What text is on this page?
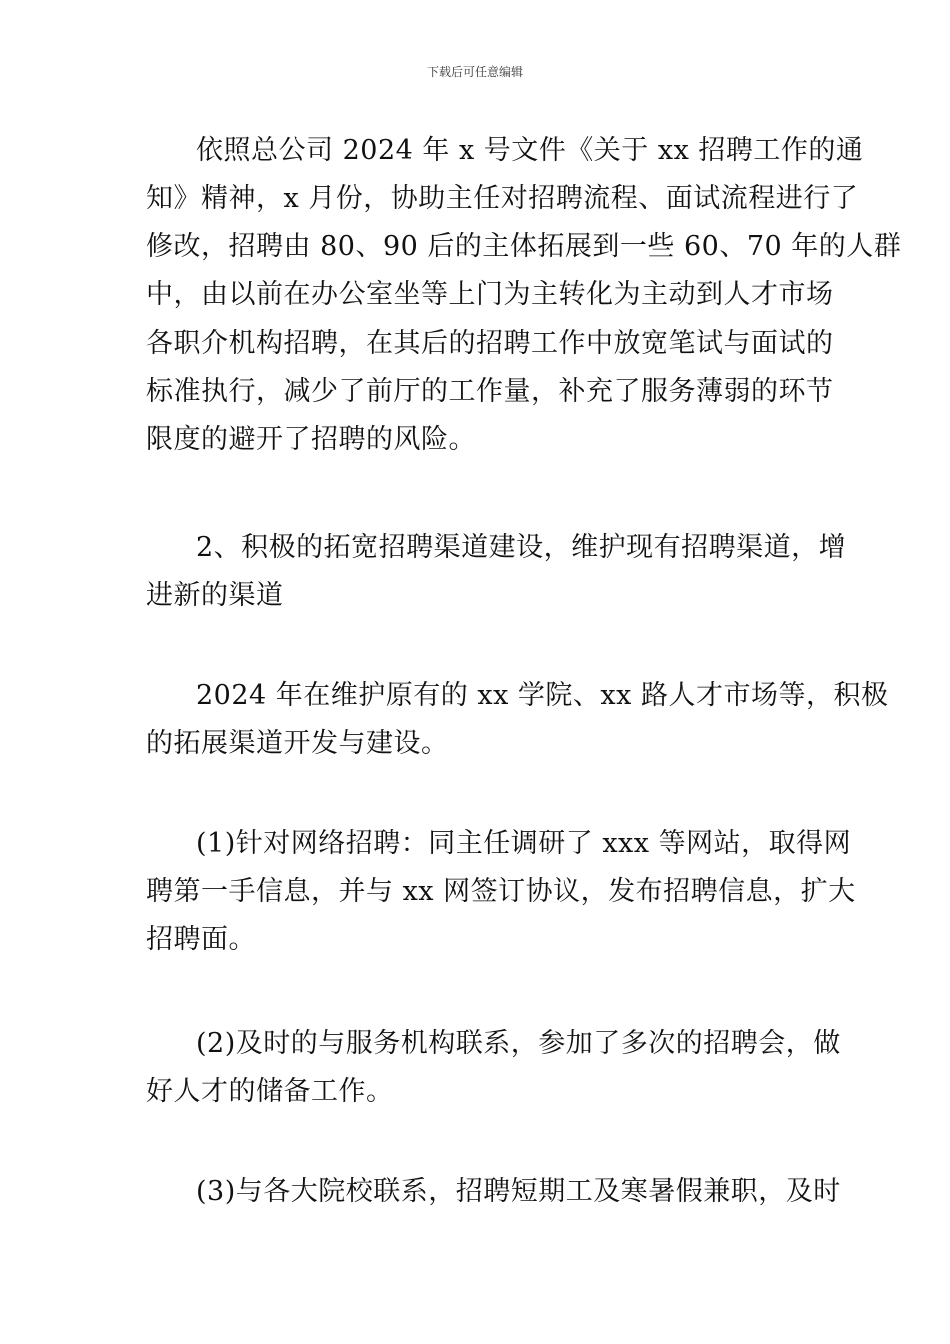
下载后可任意编辑
依照总公司 2024 年 x 号文件《关于 xx 招聘工作的通
知》精神，x 月份，协助主任对招聘流程、面试流程进行了
修改，招聘由 80、90 后的主体拓展到一些 60、70 年的人群
中，由以前在办公室坐等上门为主转化为主动到人才市场
各职介机构招聘，在其后的招聘工作中放宽笔试与面试的
标准执行，减少了前厅的工作量，补充了服务薄弱的环节
限度的避开了招聘的风险。
2、积极的拓宽招聘渠道建设，维护现有招聘渠道，增
进新的渠道
2024 年在维护原有的 xx 学院、xx 路人才市场等，积极
的拓展渠道开发与建设。
(1)针对网络招聘：同主任调研了 xxx 等网站，取得网
聘第一手信息，并与 xx 网签订协议，发布招聘信息，扩大
招聘面。
(2)及时的与服务机构联系，参加了多次的招聘会，做
好人才的储备工作。
(3)与各大院校联系，招聘短期工及寒暑假兼职，及时
